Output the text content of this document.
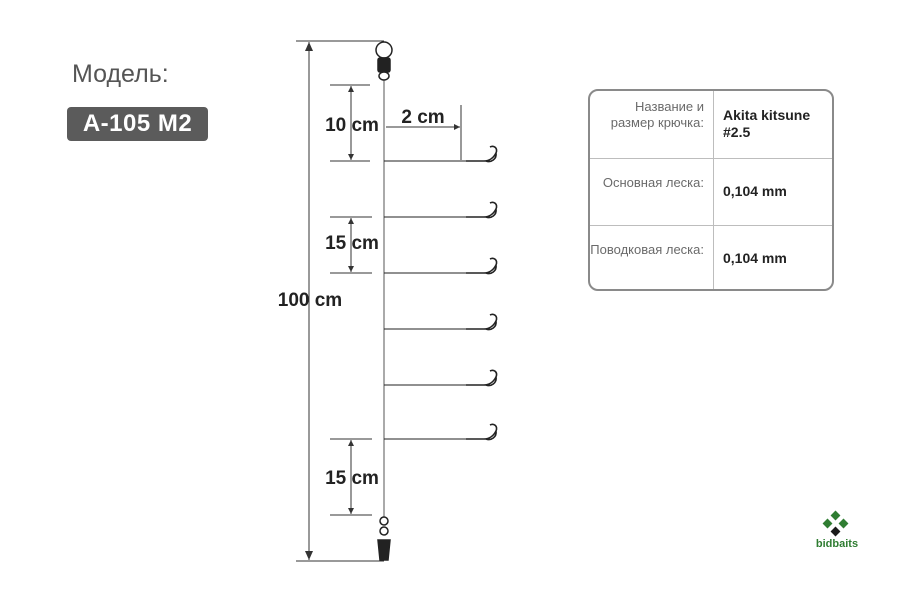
Модель:
A-105 M2
100 cm
10 cm 2 cm
15 cm
15 cm
Название и размер крючка:	Akita kitsune #2.5
Основная леска:
0,104 mm
Поводковая леска:
0,104 mm
bidbaits
